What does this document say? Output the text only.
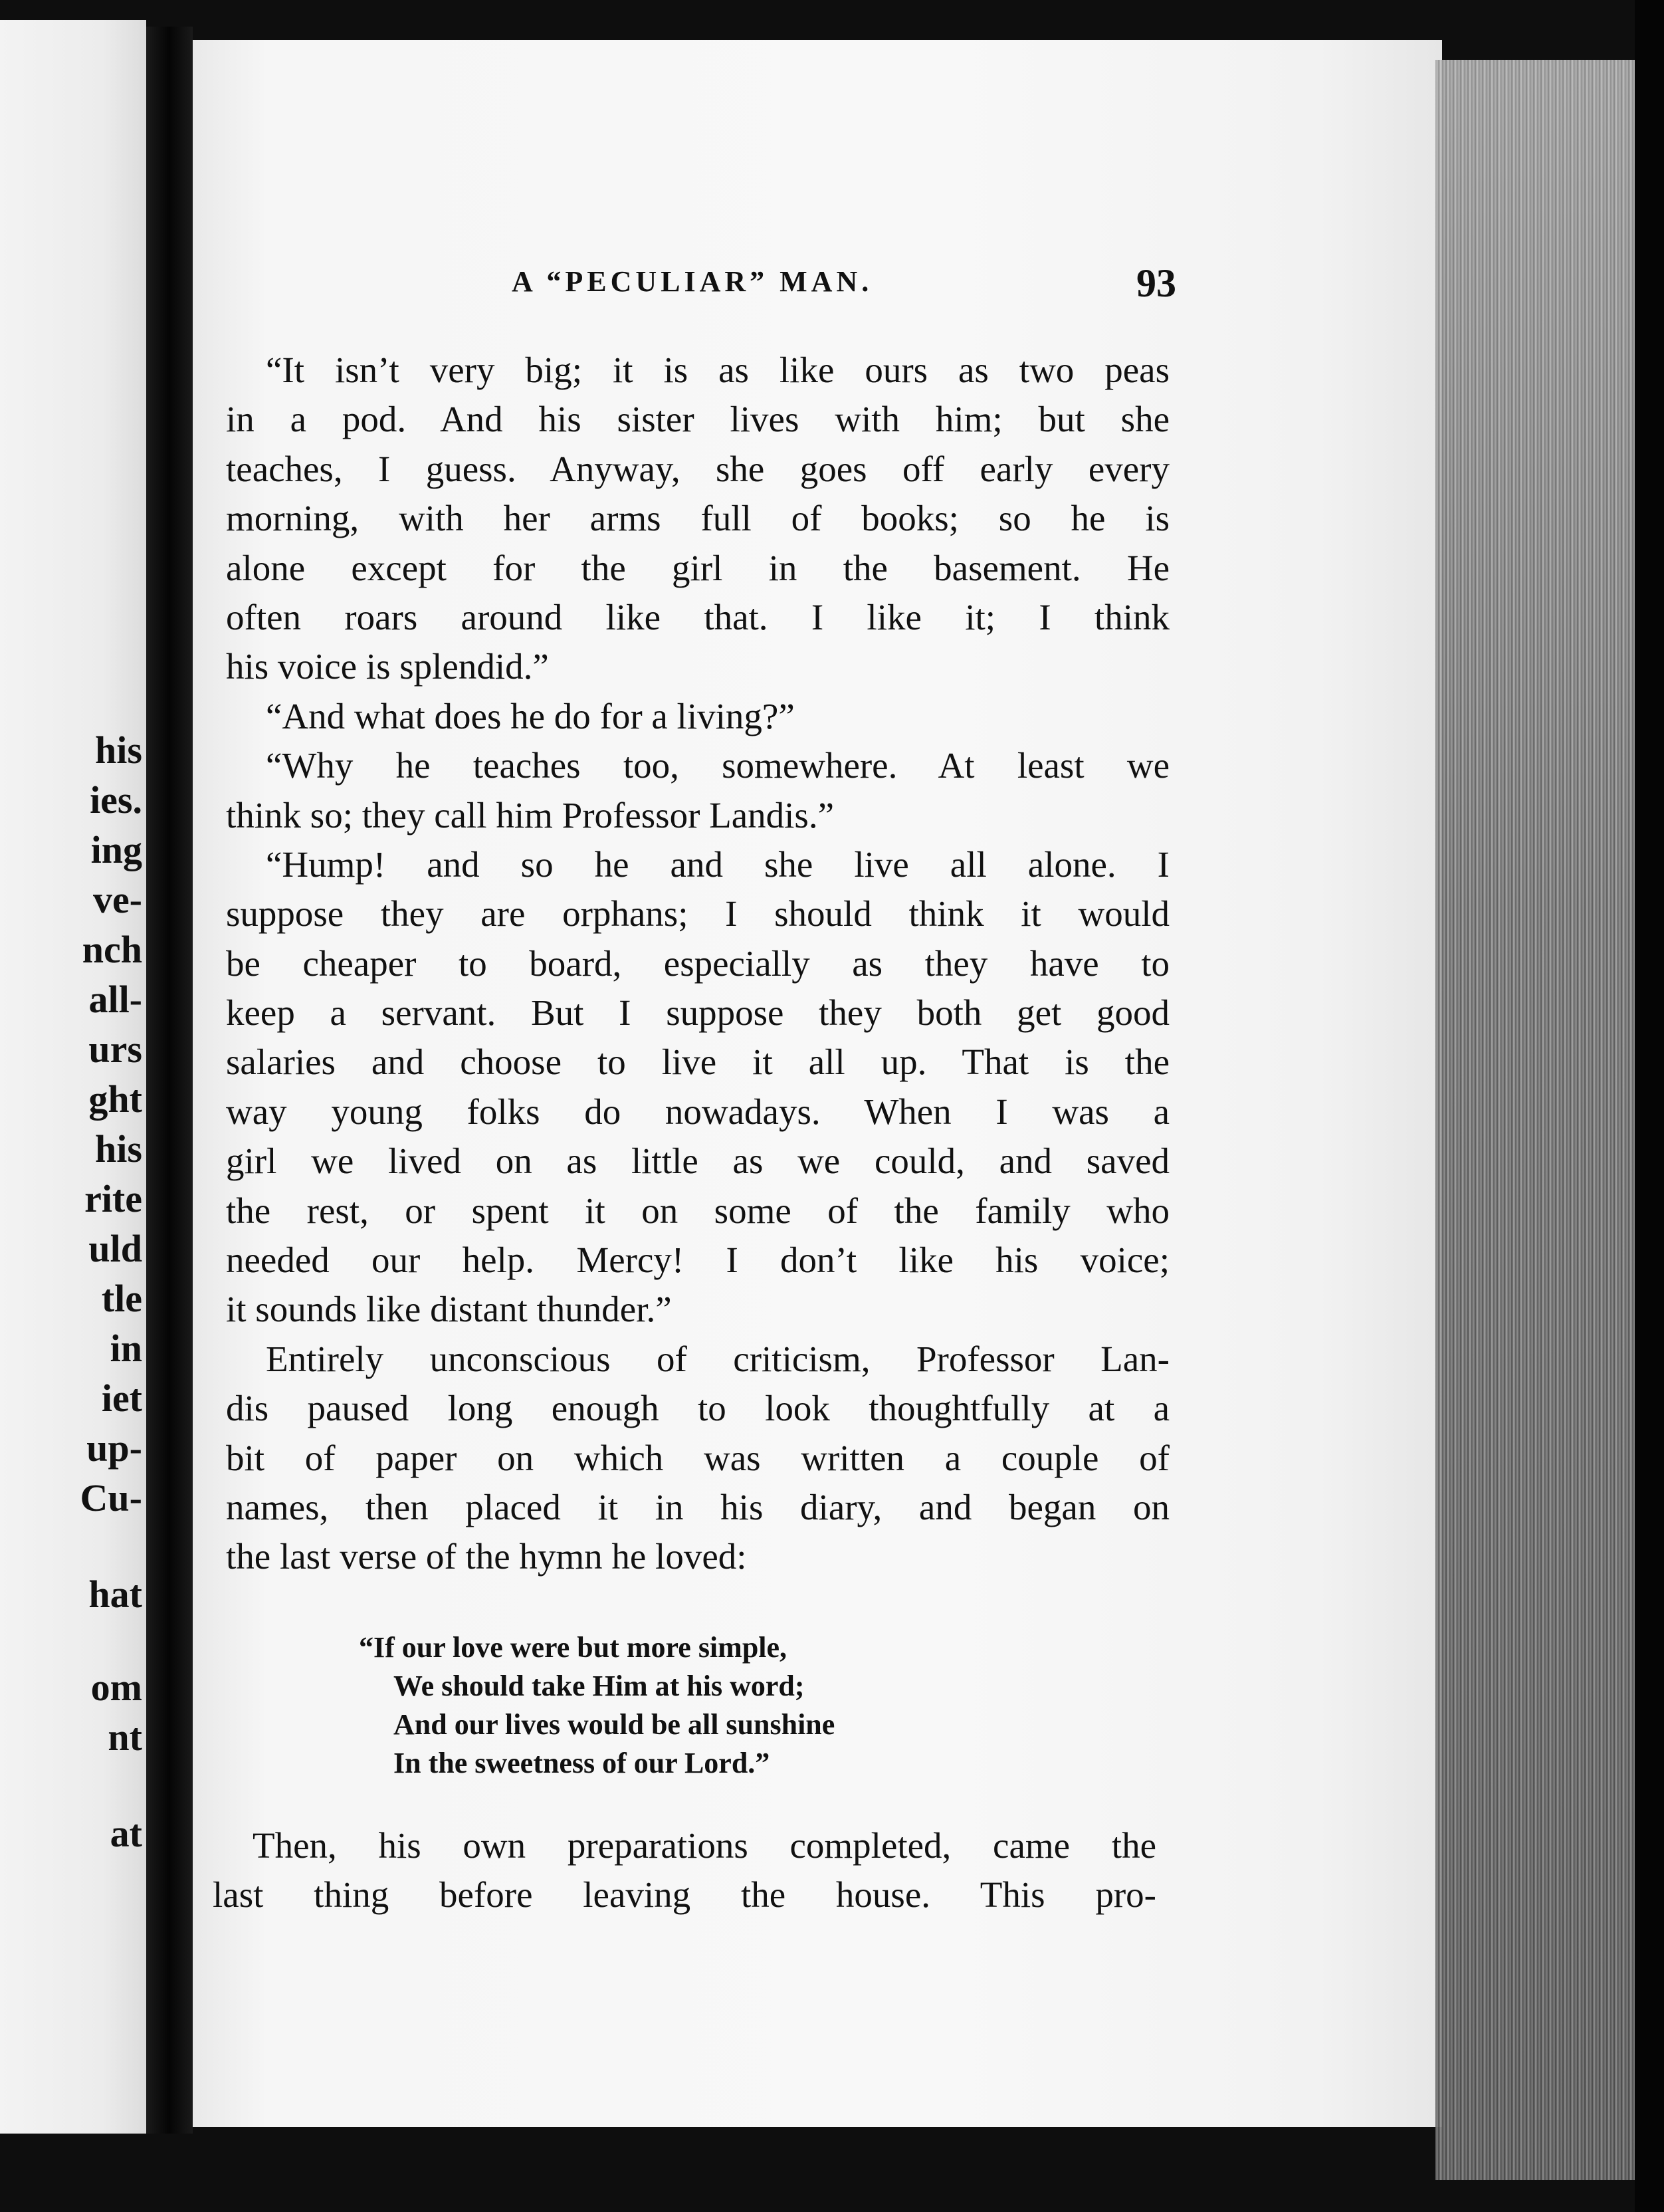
his
ies.
ing
ve-
nch
all-
urs
ght
his
rite
uld
tle
in
iet
up-
Cu-
hat
om
nt
at
A “PECULIAR” MAN.	93
“It isn’t very big; it is as like ours as two peas
in a pod. And his sister lives with him; but she
teaches, I guess. Anyway, she goes off early every
morning, with her arms full of books; so he is
alone except for the girl in the basement. He
often roars around like that. I like it; I think
his voice is splendid.”
“And what does he do for a living?”
“Why he teaches too, somewhere. At least we
think so; they call him Professor Landis.”
“Hump! and so he and she live all alone. I
suppose they are orphans; I should think it would
be cheaper to board, especially as they have to
keep a servant. But I suppose they both get good
salaries and choose to live it all up. That is the
way young folks do nowadays. When I was a
girl we lived on as little as we could, and saved
the rest, or spent it on some of the family who
needed our help. Mercy! I don’t like his voice;
it sounds like distant thunder.”
Entirely unconscious of criticism, Professor Lan-
dis paused long enough to look thoughtfully at a
bit of paper on which was written a couple of
names, then placed it in his diary, and began on
the last verse of the hymn he loved:
“If our love were but more simple,
We should take Him at his word;
And our lives would be all sunshine
In the sweetness of our Lord.”
Then, his own preparations completed, came the
last thing before leaving the house. This pro-
